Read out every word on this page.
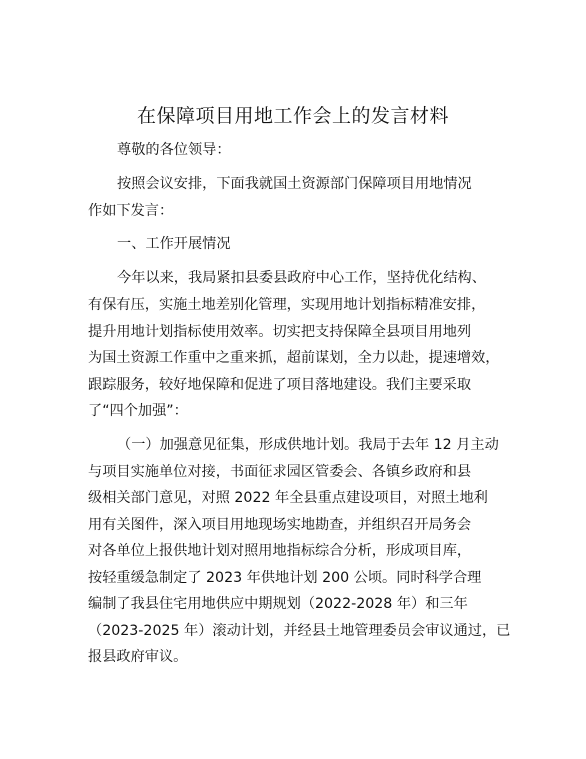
在保障项目用地工作会上的发言材料
尊敬的各位领导：
按照会议安排，下面我就国土资源部门保障项目用地情况
作如下发言：
一、工作开展情况
今年以来，我局紧扣县委县政府中心工作，坚持优化结构、
有保有压，实施土地差别化管理，实现用地计划指标精准安排，
提升用地计划指标使用效率。切实把支持保障全县项目用地列
为国土资源工作重中之重来抓，超前谋划，全力以赴，提速增效，
跟踪服务，较好地保障和促进了项目落地建设。我们主要采取
了“四个加强”：
（一）加强意见征集，形成供地计划。我局于去年 12 月主动
与项目实施单位对接，书面征求园区管委会、各镇乡政府和县
级相关部门意见，对照 2022 年全县重点建设项目，对照土地利
用有关图件，深入项目用地现场实地勘查，并组织召开局务会
对各单位上报供地计划对照用地指标综合分析，形成项目库，
按轻重缓急制定了 2023 年供地计划 200 公顷。同时科学合理
编制了我县住宅用地供应中期规划（2022-2028 年）和三年
（2023-2025 年）滚动计划，并经县土地管理委员会审议通过，已
报县政府审议。
